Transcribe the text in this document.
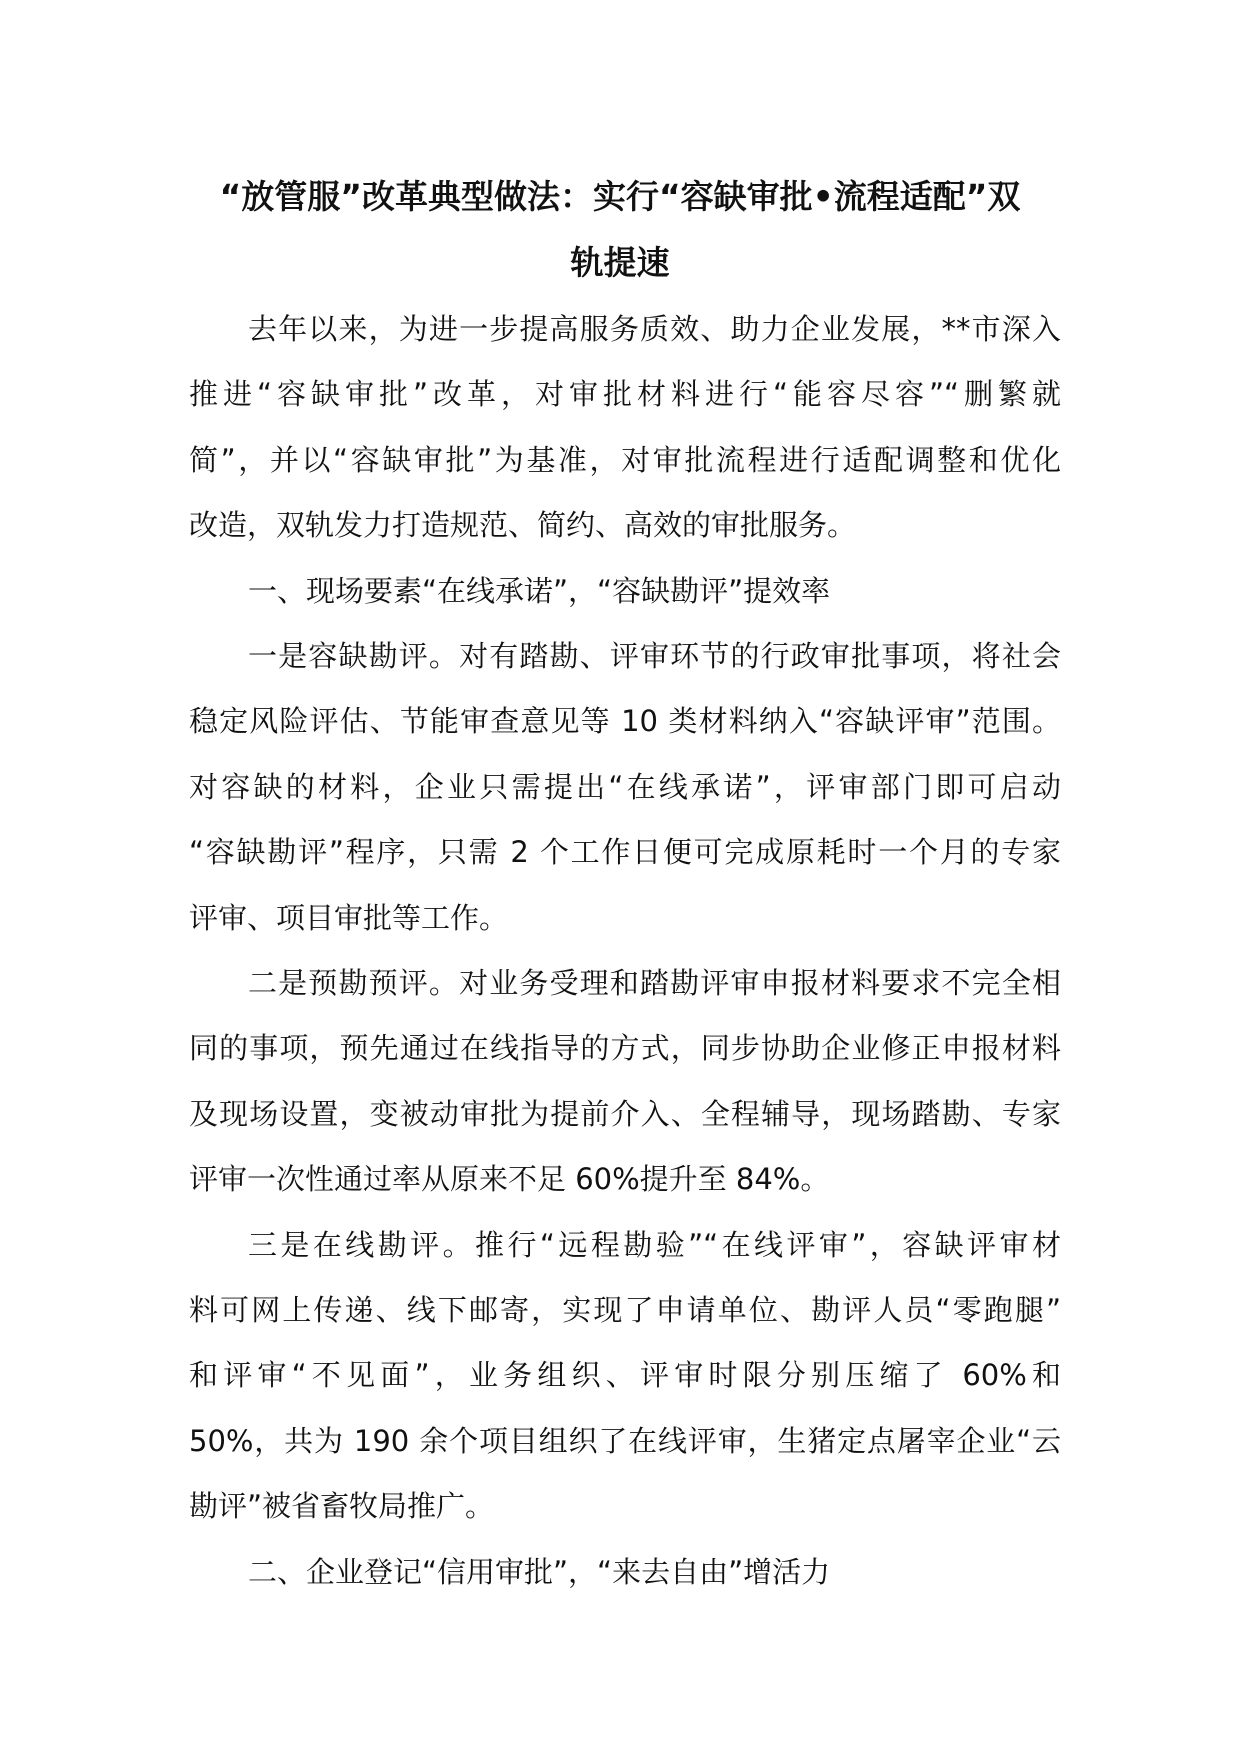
“放管服”改革典型做法：实行“容缺审批•流程适配”双
轨提速
去年以来，为进一步提高服务质效、助力企业发展，**市深入
推进“容缺审批”改革，对审批材料进行“能容尽容”“删繁就
简”，并以“容缺审批”为基准，对审批流程进行适配调整和优化
改造，双轨发力打造规范、简约、高效的审批服务。
一、现场要素“在线承诺”，“容缺勘评”提效率
一是容缺勘评。对有踏勘、评审环节的行政审批事项，将社会
稳定风险评估、节能审查意见等 10 类材料纳入“容缺评审”范围。
对容缺的材料，企业只需提出“在线承诺”，评审部门即可启动
“容缺勘评”程序，只需 2 个工作日便可完成原耗时一个月的专家
评审、项目审批等工作。
二是预勘预评。对业务受理和踏勘评审申报材料要求不完全相
同的事项，预先通过在线指导的方式，同步协助企业修正申报材料
及现场设置，变被动审批为提前介入、全程辅导，现场踏勘、专家
评审一次性通过率从原来不足 60%提升至 84%。
三是在线勘评。推行“远程勘验”“在线评审”，容缺评审材
料可网上传递、线下邮寄，实现了申请单位、勘评人员“零跑腿”
和评审“不见面”，业务组织、评审时限分别压缩了 60%和
50%，共为 190 余个项目组织了在线评审，生猪定点屠宰企业“云
勘评”被省畜牧局推广。
二、企业登记“信用审批”，“来去自由”增活力
